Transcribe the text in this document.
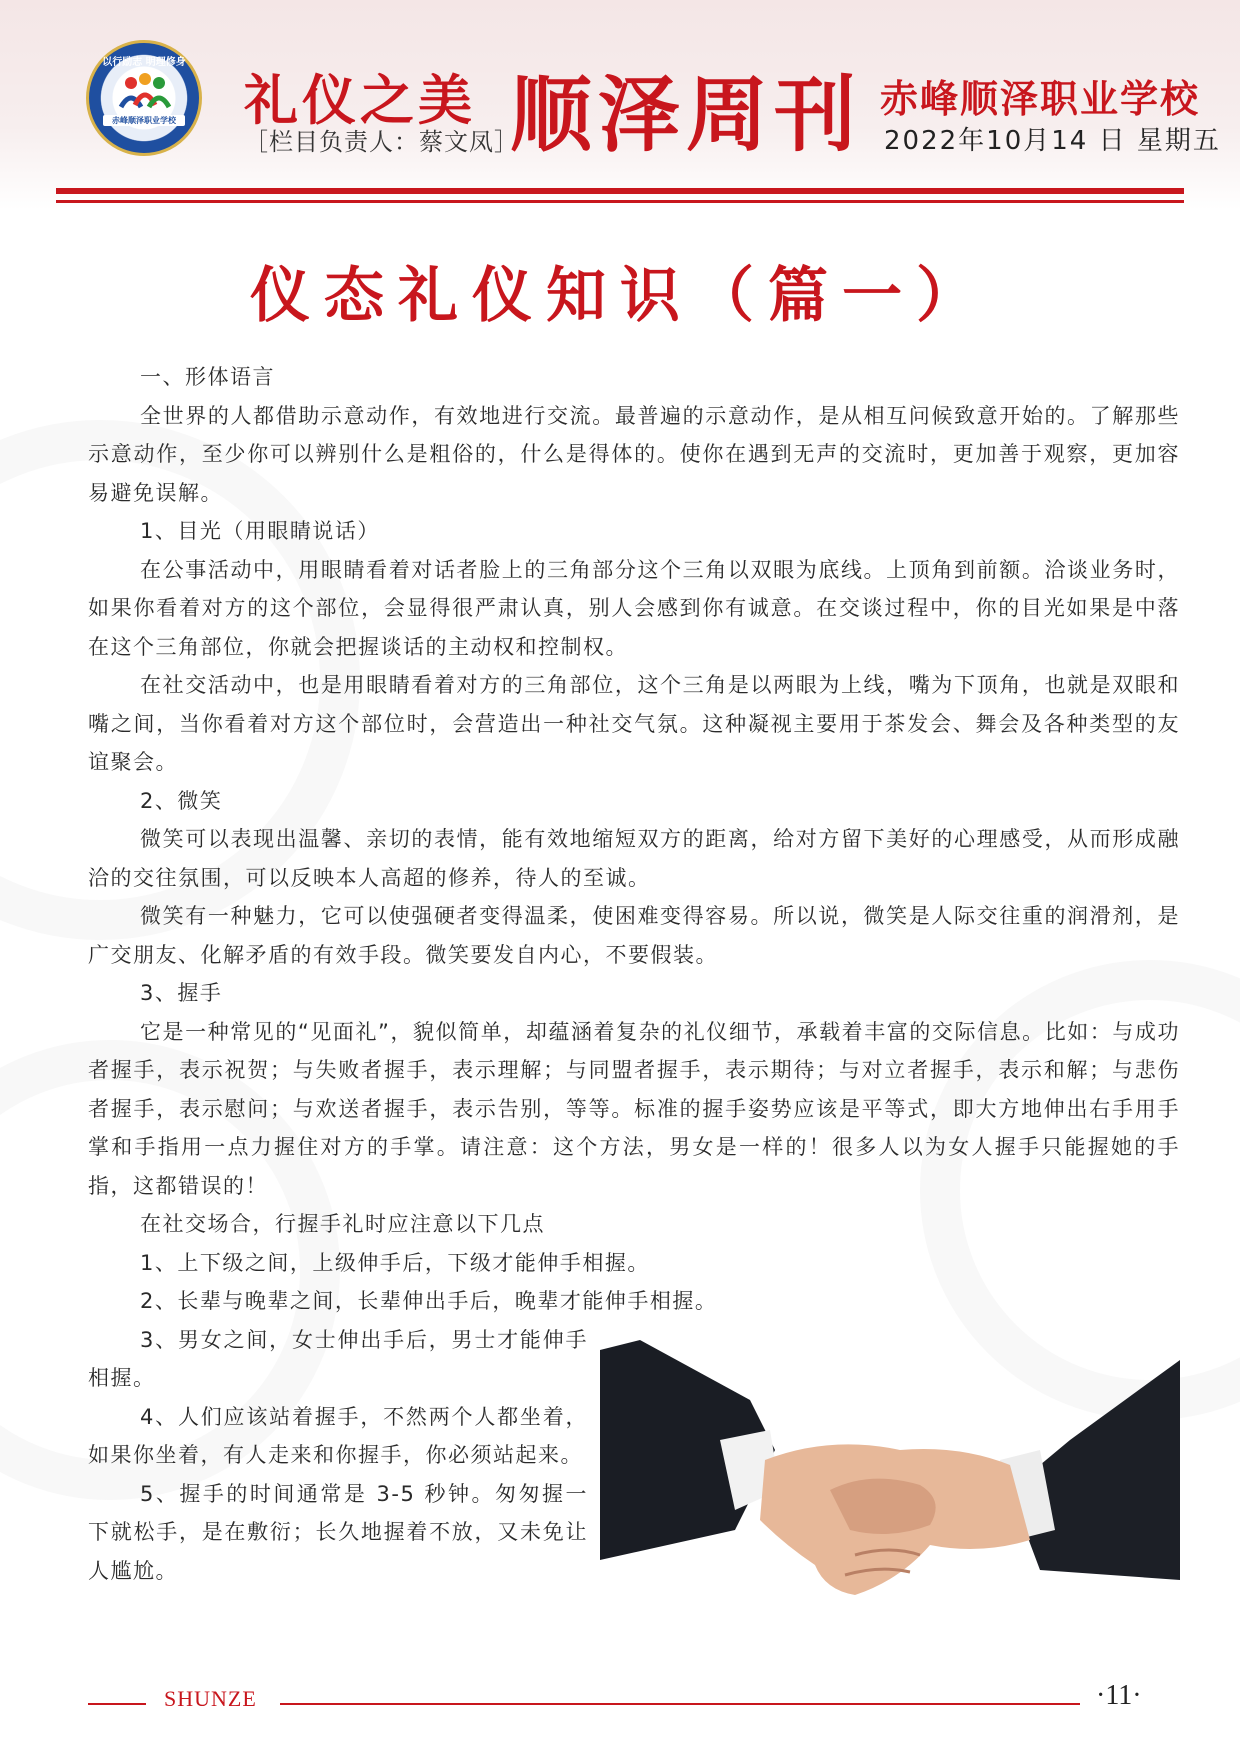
以行励志 明理修身
赤峰顺泽职业学校 礼仪之美
［栏目负责人：蔡文凤］
顺泽周刊 赤峰顺泽职业学校
2022年10月14 日 星期五
仪态礼仪知识（篇一）

一、形体语言

全世界的人都借助示意动作，有效地进行交流。最普遍的示意动作，是从相互问候致意开始的。了解那些示意动作，至少你可以辨别什么是粗俗的，什么是得体的。使你在遇到无声的交流时，更加善于观察，更加容易避免误解。

1、目光（用眼睛说话）

在公事活动中，用眼睛看着对话者脸上的三角部分这个三角以双眼为底线。上顶角到前额。洽谈业务时，如果你看着对方的这个部位，会显得很严肃认真，别人会感到你有诚意。在交谈过程中，你的目光如果是中落在这个三角部位，你就会把握谈话的主动权和控制权。

在社交活动中，也是用眼睛看着对方的三角部位，这个三角是以两眼为上线，嘴为下顶角，也就是双眼和嘴之间，当你看着对方这个部位时，会营造出一种社交气氛。这种凝视主要用于茶发会、舞会及各种类型的友谊聚会。

2、微笑

微笑可以表现出温馨、亲切的表情，能有效地缩短双方的距离，给对方留下美好的心理感受，从而形成融洽的交往氛围，可以反映本人高超的修养，待人的至诚。

微笑有一种魅力，它可以使强硬者变得温柔，使困难变得容易。所以说，微笑是人际交往重的润滑剂，是广交朋友、化解矛盾的有效手段。微笑要发自内心，不要假装。

3、握手

它是一种常见的“见面礼”，貌似简单，却蕴涵着复杂的礼仪细节，承载着丰富的交际信息。比如：与成功者握手，表示祝贺；与失败者握手，表示理解；与同盟者握手，表示期待；与对立者握手，表示和解；与悲伤者握手，表示慰问；与欢送者握手，表示告别，等等。标准的握手姿势应该是平等式，即大方地伸出右手用手掌和手指用一点力握住对方的手掌。请注意：这个方法，男女是一样的！很多人以为女人握手只能握她的手指，这都错误的！

在社交场合，行握手礼时应注意以下几点

1、上下级之间，上级伸手后，下级才能伸手相握。

2、长辈与晚辈之间，长辈伸出手后，晚辈才能伸手相握。

3、男女之间，女士伸出手后，男士才能伸手相握。

4、人们应该站着握手，不然两个人都坐着，如果你坐着，有人走来和你握手，你必须站起来。

5、握手的时间通常是 3-5 秒钟。匆匆握一下就松手，是在敷衍；长久地握着不放，又未免让人尴尬。

SHUNZE	·11·
